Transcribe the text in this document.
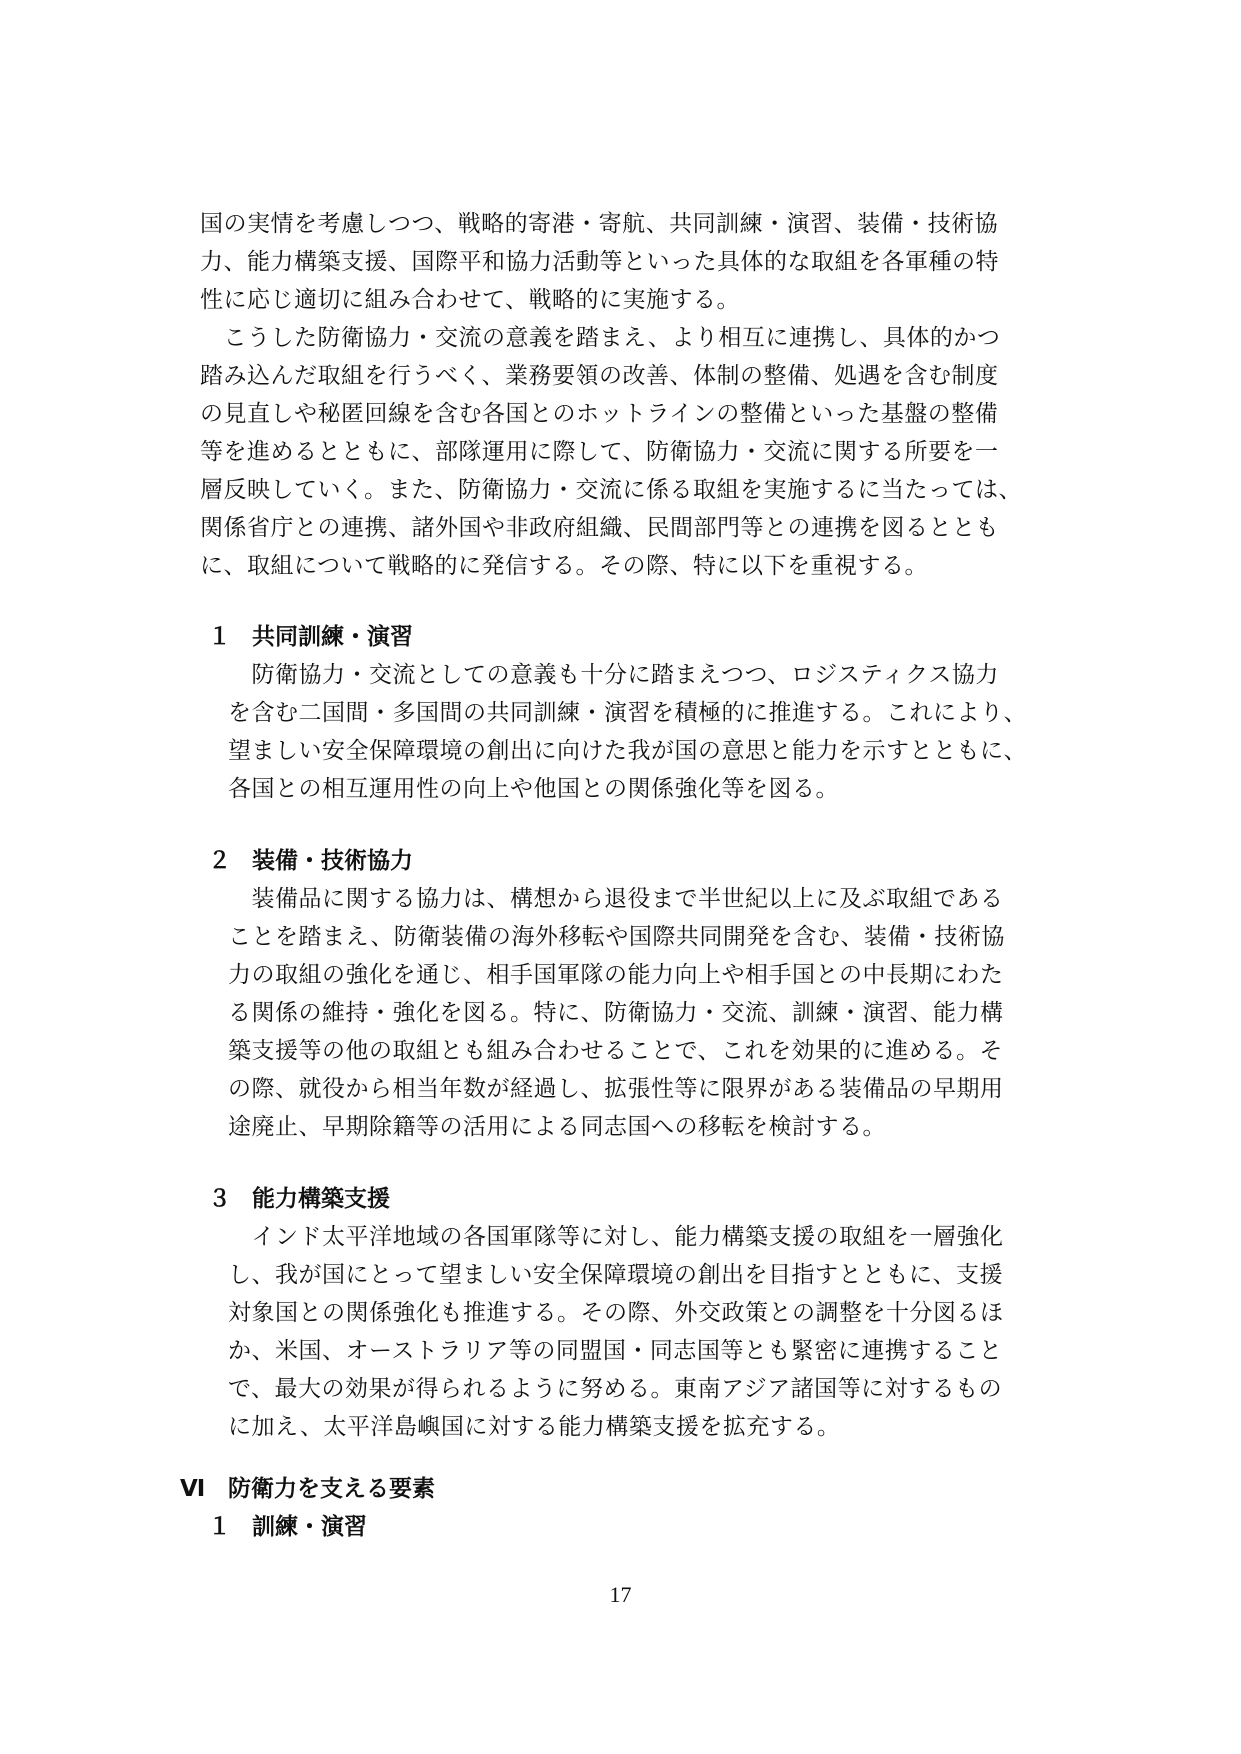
国の実情を考慮しつつ、戦略的寄港・寄航、共同訓練・演習、装備・技術協
力、能力構築支援、国際平和協力活動等といった具体的な取組を各軍種の特
性に応じ適切に組み合わせて、戦略的に実施する。
　こうした防衛協力・交流の意義を踏まえ、より相互に連携し、具体的かつ
踏み込んだ取組を行うべく、業務要領の改善、体制の整備、処遇を含む制度
の見直しや秘匿回線を含む各国とのホットラインの整備といった基盤の整備
等を進めるとともに、部隊運用に際して、防衛協力・交流に関する所要を一
層反映していく。また、防衛協力・交流に係る取組を実施するに当たっては、
関係省庁との連携、諸外国や非政府組織、民間部門等との連携を図るととも
に、取組について戦略的に発信する。その際、特に以下を重視する。
１ 共同訓練・演習
　防衛協力・交流としての意義も十分に踏まえつつ、ロジスティクス協力
を含む二国間・多国間の共同訓練・演習を積極的に推進する。これにより、
望ましい安全保障環境の創出に向けた我が国の意思と能力を示すとともに、
各国との相互運用性の向上や他国との関係強化等を図る。
２ 装備・技術協力
　装備品に関する協力は、構想から退役まで半世紀以上に及ぶ取組である
ことを踏まえ、防衛装備の海外移転や国際共同開発を含む、装備・技術協
力の取組の強化を通じ、相手国軍隊の能力向上や相手国との中長期にわた
る関係の維持・強化を図る。特に、防衛協力・交流、訓練・演習、能力構
築支援等の他の取組とも組み合わせることで、これを効果的に進める。そ
の際、就役から相当年数が経過し、拡張性等に限界がある装備品の早期用
途廃止、早期除籍等の活用による同志国への移転を検討する。
３ 能力構築支援
　インド太平洋地域の各国軍隊等に対し、能力構築支援の取組を一層強化
し、我が国にとって望ましい安全保障環境の創出を目指すとともに、支援
対象国との関係強化も推進する。その際、外交政策との調整を十分図るほ
か、米国、オーストラリア等の同盟国・同志国等とも緊密に連携すること
で、最大の効果が得られるように努める。東南アジア諸国等に対するもの
に加え、太平洋島嶼国に対する能力構築支援を拡充する。
Ⅵ 防衛力を支える要素
１ 訓練・演習
17
